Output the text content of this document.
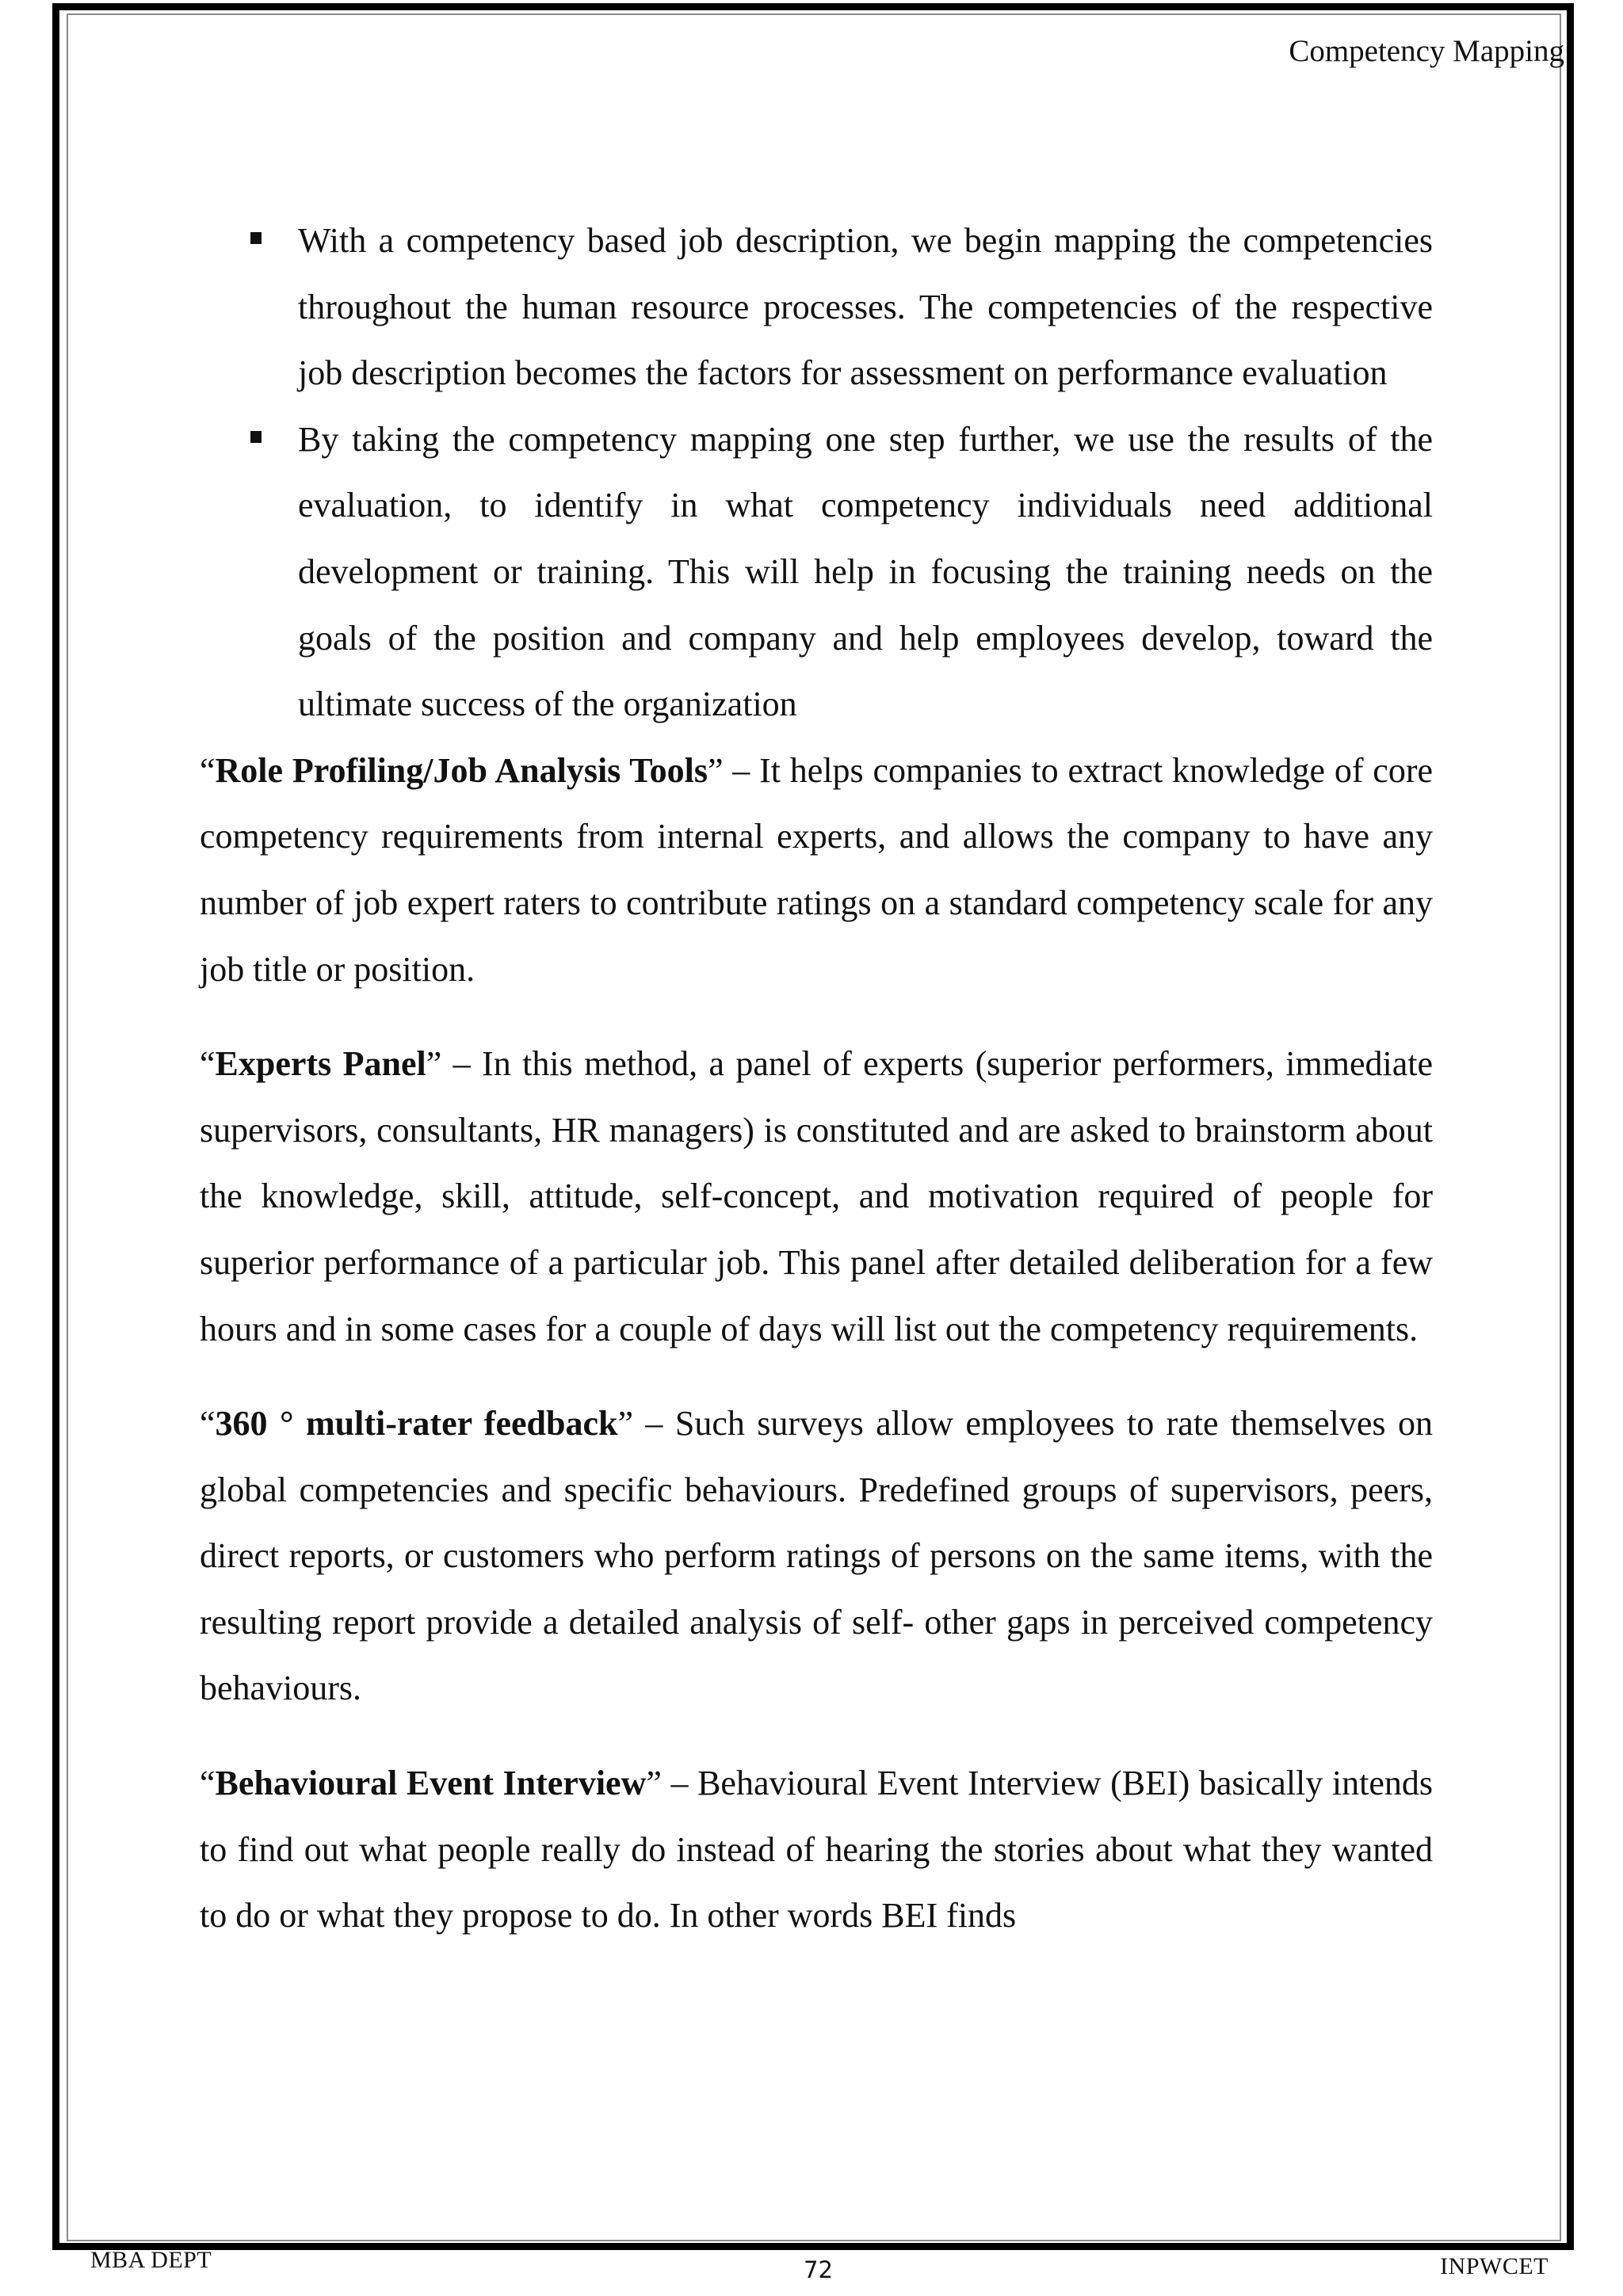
Competency Mapping
With a competency based job description, we begin mapping the competencies throughout the human resource processes. The competencies of the respective job description becomes the factors for assessment on performance evaluation
By taking the competency mapping one step further, we use the results of the evaluation, to identify in what competency individuals need additional development or training. This will help in focusing the training needs on the goals of the position and company and help employees develop, toward the ultimate success of the organization

“Role Profiling/Job Analysis Tools” – It helps companies to extract knowledge of core competency requirements from internal experts, and allows the company to have any number of job expert raters to contribute ratings on a standard competency scale for any job title or position.

“Experts Panel” – In this method, a panel of experts (superior performers, immediate supervisors, consultants, HR managers) is constituted and are asked to brainstorm about the knowledge, skill, attitude, self-concept, and motivation required of people for superior performance of a particular job. This panel after detailed deliberation for a few hours and in some cases for a couple of days will list out the competency requirements.

“360 ° multi-rater feedback” – Such surveys allow employees to rate themselves on global competencies and specific behaviours. Predefined groups of supervisors, peers, direct reports, or customers who perform ratings of persons on the same items, with the resulting report provide a detailed analysis of self- other gaps in perceived competency behaviours.

“Behavioural Event Interview” – Behavioural Event Interview (BEI) basically intends to find out what people really do instead of hearing the stories about what they wanted to do or what they propose to do. In other words BEI finds

MBA DEPT	72	INPWCET
